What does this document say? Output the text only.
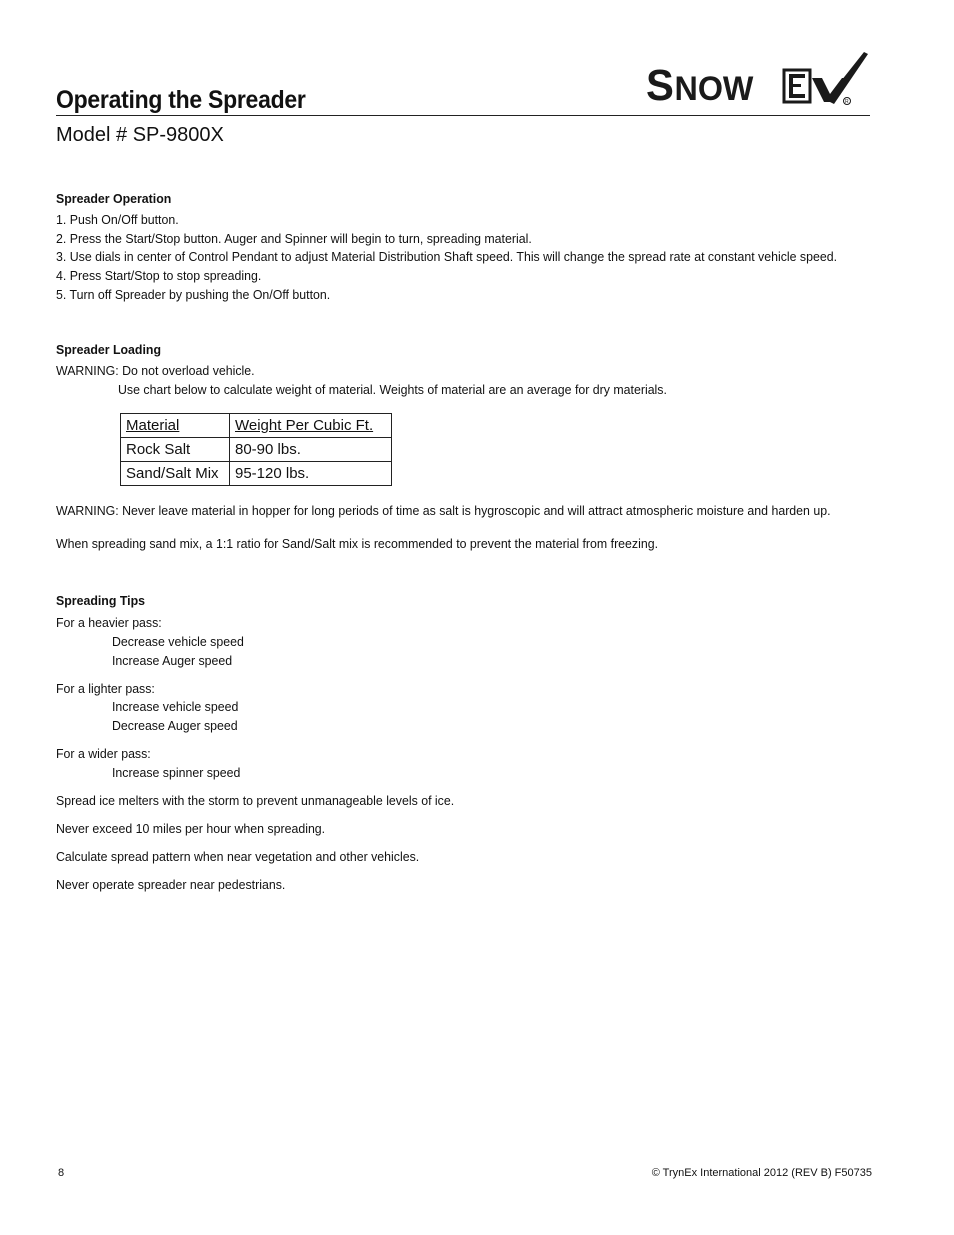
Operating the Spreader
Model # SP-9800X
S NOW	R
Spreader Operation
1. Push On/Off button.
2. Press the Start/Stop button. Auger and Spinner will begin to turn, spreading material.
3. Use dials in center of Control Pendant to adjust Material Distribution Shaft speed. This will change the spread rate at constant vehicle speed.
4. Press Start/Stop to stop spreading.
5. Turn off Spreader by pushing the On/Off button.
Spreader Loading
WARNING: Do not overload vehicle.
Use chart below to calculate weight of material. Weights of material are an average for dry materials.
Material	Weight Per Cubic Ft.
Rock Salt	80-90 lbs.
Sand/Salt Mix	95-120 lbs.
WARNING: Never leave material in hopper for long periods of time as salt is hygroscopic and will attract atmospheric moisture and harden up.
When spreading sand mix, a 1:1 ratio for Sand/Salt mix is recommended to prevent the material from freezing.
Spreading Tips
For a heavier pass:
Decrease vehicle speed
Increase Auger speed
For a lighter pass:
Increase vehicle speed
Decrease Auger speed
For a wider pass:
Increase spinner speed
Spread ice melters with the storm to prevent unmanageable levels of ice.
Never exceed 10 miles per hour when spreading.
Calculate spread pattern when near vegetation and other vehicles.
Never operate spreader near pedestrians.
8	© TrynEx International 2012 (REV B) F50735
